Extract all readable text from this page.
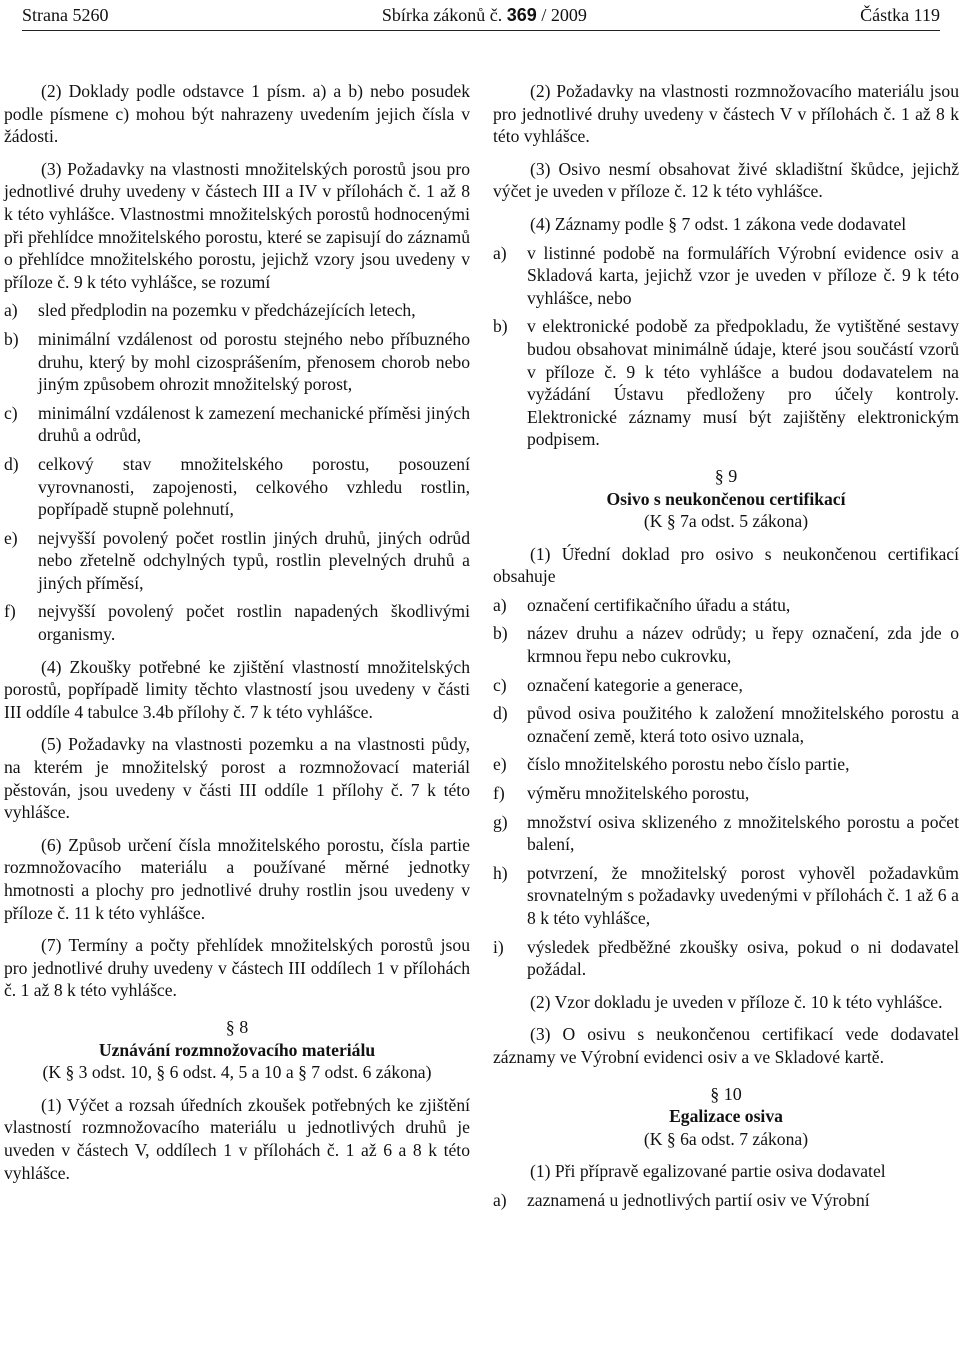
Strana 5260	Sbírka zákonů č. 369 / 2009	Částka 119

(2) Doklady podle odstavce 1 písm. a) a b) nebo posudek podle písmene c) mohou být nahrazeny uvedením jejich čísla v žádosti.

(3) Požadavky na vlastnosti množitelských porostů jsou pro jednotlivé druhy uvedeny v částech III a IV v přílohách č. 1 až 8 k této vyhlášce. Vlastnostmi množitelských porostů hodnocenými při přehlídce množitelského porostu, které se zapisují do záznamů o přehlídce množitelského porostu, jejichž vzory jsou uvedeny v příloze č. 9 k této vyhlášce, se rozumí

a)	sled předplodin na pozemku v předcházejících letech,
b)	minimální vzdálenost od porostu stejného nebo příbuzného druhu, který by mohl cizosprášením, přenosem chorob nebo jiným způsobem ohrozit množitelský porost,
c)	minimální vzdálenost k zamezení mechanické příměsi jiných druhů a odrůd,
d)	celkový stav množitelského porostu, posouzení vyrovnanosti, zapojenosti, celkového vzhledu rostlin, popřípadě stupně polehnutí,
e)	nejvyšší povolený počet rostlin jiných druhů, jiných odrůd nebo zřetelně odchylných typů, rostlin plevelných druhů a jiných příměsí,
f)	nejvyšší povolený počet rostlin napadených škodlivými organismy.

(4) Zkoušky potřebné ke zjištění vlastností množitelských porostů, popřípadě limity těchto vlastností jsou uvedeny v části III oddíle 4 tabulce 3.4b přílohy č. 7 k této vyhlášce.

(5) Požadavky na vlastnosti pozemku a na vlastnosti půdy, na kterém je množitelský porost a rozmnožovací materiál pěstován, jsou uvedeny v části III oddíle 1 přílohy č. 7 k této vyhlášce.

(6) Způsob určení čísla množitelského porostu, čísla partie rozmnožovacího materiálu a používané měrné jednotky hmotnosti a plochy pro jednotlivé druhy rostlin jsou uvedeny v příloze č. 11 k této vyhlášce.

(7) Termíny a počty přehlídek množitelských porostů jsou pro jednotlivé druhy uvedeny v částech III oddílech 1 v přílohách č. 1 až 8 k této vyhlášce.

§ 8
Uznávání rozmnožovacího materiálu
(K § 3 odst. 10, § 6 odst. 4, 5 a 10 a § 7 odst. 6 zákona)

(1) Výčet a rozsah úředních zkoušek potřebných ke zjištění vlastností rozmnožovacího materiálu u jednotlivých druhů je uveden v částech V, oddílech 1 v přílohách č. 1 až 6 a 8 k této vyhlášce.

(2) Požadavky na vlastnosti rozmnožovacího materiálu jsou pro jednotlivé druhy uvedeny v částech V v přílohách č. 1 až 8 k této vyhlášce.

(3) Osivo nesmí obsahovat živé skladištní škůdce, jejichž výčet je uveden v příloze č. 12 k této vyhlášce.

(4) Záznamy podle § 7 odst. 1 zákona vede dodavatel

a)	v listinné podobě na formulářích Výrobní evidence osiv a Skladová karta, jejichž vzor je uveden v příloze č. 9 k této vyhlášce, nebo
b)	v elektronické podobě za předpokladu, že vytištěné sestavy budou obsahovat minimálně údaje, které jsou součástí vzorů v příloze č. 9 k této vyhlášce a budou dodavatelem na vyžádání Ústavu předloženy pro účely kontroly. Elektronické záznamy musí být zajištěny elektronickým podpisem.
§ 9
Osivo s neukončenou certifikací
(K § 7a odst. 5 zákona)

(1) Úřední doklad pro osivo s neukončenou certifikací obsahuje

a)	označení certifikačního úřadu a státu,
b)	název druhu a název odrůdy; u řepy označení, zda jde o krmnou řepu nebo cukrovku,
c)	označení kategorie a generace,
d)	původ osiva použitého k založení množitelského porostu a označení země, která toto osivo uznala,
e)	číslo množitelského porostu nebo číslo partie,
f)	výměru množitelského porostu,
g)	množství osiva sklizeného z množitelského porostu a počet balení,
h)	potvrzení, že množitelský porost vyhověl požadavkům srovnatelným s požadavky uvedenými v přílohách č. 1 až 6 a 8 k této vyhlášce,
i)	výsledek předběžné zkoušky osiva, pokud o ni dodavatel požádal.

(2) Vzor dokladu je uveden v příloze č. 10 k této vyhlášce.

(3) O osivu s neukončenou certifikací vede dodavatel záznamy ve Výrobní evidenci osiv a ve Skladové kartě.

§ 10
Egalizace osiva
(K § 6a odst. 7 zákona)

(1) Při přípravě egalizované partie osiva dodavatel

a)	zaznamená u jednotlivých partií osiv ve Výrobní
